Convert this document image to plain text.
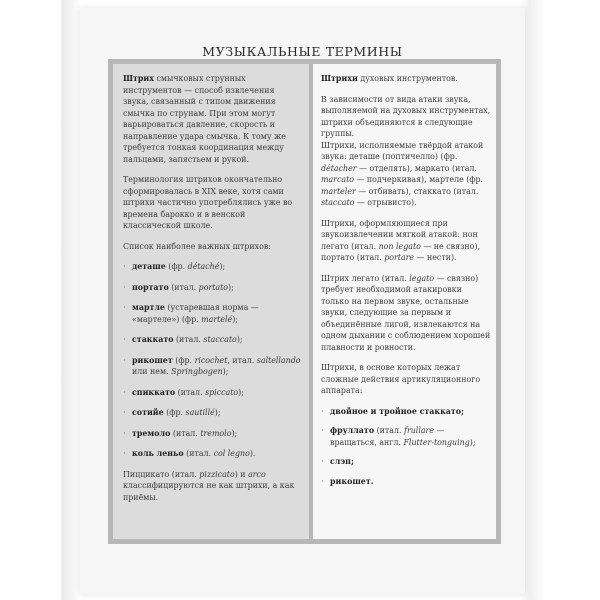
МУЗЫКАЛЬНЫЕ ТЕРМИНЫ

Штрих смычковых струнных инструментов — способ извлечения звука, связанный с типом движения смычка по струнам. При этом могут варьироваться давление, скорость и направление удара смычка. К тому же требуется тонкая координация между пальцами, запястьем и рукой.

Терминология штрихов окончательно сформировалась в XIX веке, хотя сами штрихи частично употреблялись уже во времена барокко и в венской классической школе.

Список наиболее важных штрихов:

· деташе (фр. détaché);
· портато (итал. portato);
· мартле (устаревшая норма — «мартеле») (фр. martelé);
· стаккато (итал. staccato);
· рикошет (фр. ricochet, итал. saltellando или нем. Springbogen);
· спиккато (итал. spiccato);
· сотийе (фр. sautillé);
· тремоло (итал. tremolo);
· коль леньо (итал. col legno).

Пиццикато (итал. pizzicato) и arco классифицируются не как штрихи, а как приёмы.

Штрихи духовых инструментов.

В зависимости от вида атаки звука, выполняемой на духовых инструментах, штрихи объединяются в следующие группы.

Штрихи, исполняемые твёрдой атакой звука: деташе (поптичелло) (фр. détacher — отделять), маркато (итал. marcato — подчеркивая), мартеле (фр. marteler — отбивать), стаккато (итал. staccato — отрывисто).

Штрихи, оформляющиеся при звукоизвлечении мягкой атакой: нон легато (итал. non legato — не связно), портато (итал. portare — нести).

Штрих легато (итал. legato — связно) требует необходимой атакировки только на первом звуке, остальные звуки, следующие за первым и объединённые лигой, извлекаются на одном дыхании с соблюдением хорошей плавности и ровности.

Штрихи, в основе которых лежат сложные действия артикуляционного аппарата:

· двойное и тройное стаккато;
· фруллато (итал. frullare — вращаться, англ. Flutter-tonguing);
· слэп;
· рикошет.
